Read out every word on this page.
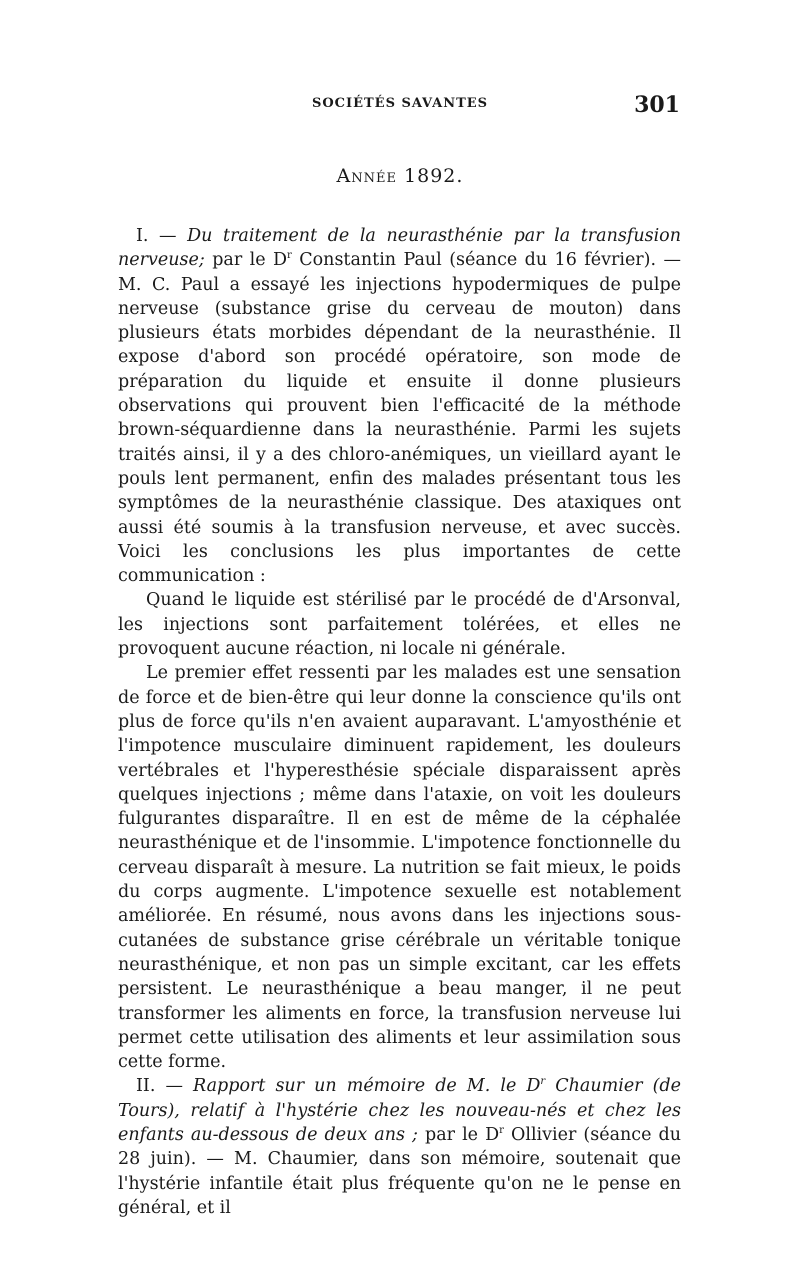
SOCIÉTÉS SAVANTES	301
Année 1892.

I. — Du traitement de la neurasthénie par la transfusion nerveuse; par le $D^r$ Constantin Paul (séance du 16 février). — M. C. Paul a essayé les injections hypodermiques de pulpe nerveuse (substance grise du cerveau de mouton) dans plusieurs états morbides dépendant de la neurasthénie. Il expose d'abord son procédé opératoire, son mode de préparation du liquide et ensuite il donne plusieurs observations qui prouvent bien l'efficacité de la méthode brown-séquardienne dans la neurasthénie. Parmi les sujets traités ainsi, il y a des chloro-anémiques, un vieillard ayant le pouls lent permanent, enfin des malades présentant tous les symptômes de la neurasthénie classique. Des ataxiques ont aussi été soumis à la transfusion nerveuse, et avec succès. Voici les conclusions les plus importantes de cette communication :

Quand le liquide est stérilisé par le procédé de d'Arsonval, les injections sont parfaitement tolérées, et elles ne provoquent aucune réaction, ni locale ni générale.

Le premier effet ressenti par les malades est une sensation de force et de bien-être qui leur donne la conscience qu'ils ont plus de force qu'ils n'en avaient auparavant. L'amyosthénie et l'impotence musculaire diminuent rapidement, les douleurs vertébrales et l'hyperesthésie spéciale disparaissent après quelques injections ; même dans l'ataxie, on voit les douleurs fulgurantes disparaître. Il en est de même de la céphalée neurasthénique et de l'insommie. L'impotence fonctionnelle du cerveau disparaît à mesure. La nutrition se fait mieux, le poids du corps augmente. L'impotence sexuelle est notablement améliorée. En résumé, nous avons dans les injections sous-cutanées de substance grise cérébrale un véritable tonique neurasthénique, et non pas un simple excitant, car les effets persistent. Le neurasthénique a beau manger, il ne peut transformer les aliments en force, la transfusion nerveuse lui permet cette utilisation des aliments et leur assimilation sous cette forme.

II. — Rapport sur un mémoire de M. le $D^r$ Chaumier (de Tours), relatif à l'hystérie chez les nouveau-nés et chez les enfants au-dessous de deux ans ; par le $D^r$ Ollivier (séance du 28 juin). — M. Chaumier, dans son mémoire, soutenait que l'hystérie infantile était plus fréquente qu'on ne le pense en général, et il
